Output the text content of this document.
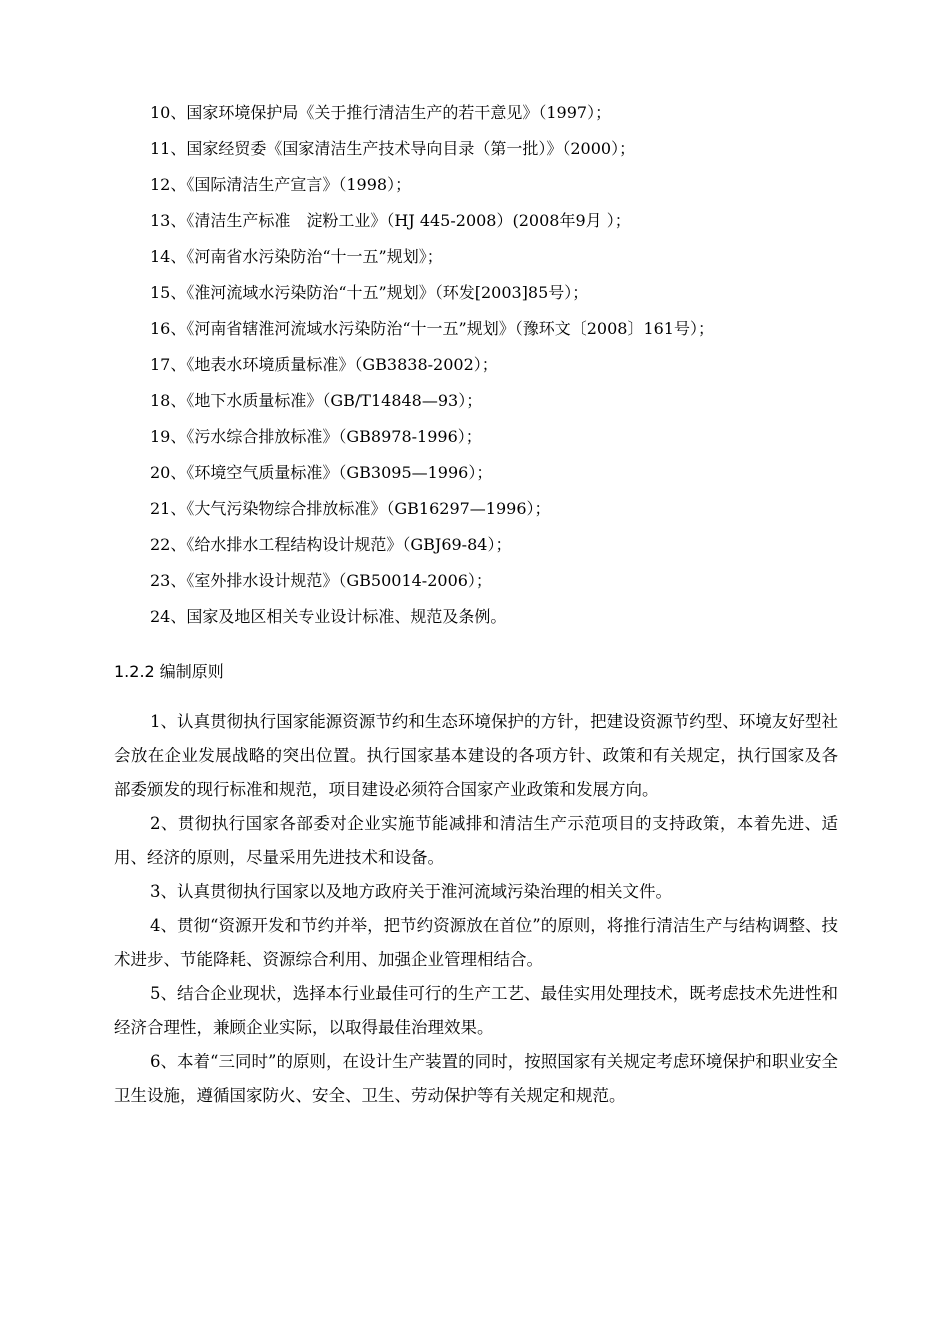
10、国家环境保护局《关于推行清洁生产的若干意见》（1997）；
11、国家经贸委《国家清洁生产技术导向目录（第一批）》（2000）；
12、《国际清洁生产宣言》（1998）；
13、《清洁生产标准　淀粉工业》（HJ 445-2008）(2008年9月 ）；
14、《河南省水污染防治“十一五”规划》；
15、《淮河流域水污染防治“十五”规划》（环发[2003]85号）；
16、《河南省辖淮河流域水污染防治“十一五”规划》（豫环文〔2008〕161号）；
17、《地表水环境质量标准》（GB3838-2002）；
18、《地下水质量标准》（GB/T14848—93）；
19、《污水综合排放标准》（GB8978-1996）；
20、《环境空气质量标准》（GB3095—1996）；
21、《大气污染物综合排放标准》（GB16297—1996）；
22、《给水排水工程结构设计规范》（GBJ69-84）；
23、《室外排水设计规范》（GB50014-2006）；
24、国家及地区相关专业设计标准、规范及条例。
1.2.2 编制原则

1、认真贯彻执行国家能源资源节约和生态环境保护的方针，把建设资源节约型、环境友好型社会放在企业发展战略的突出位置。执行国家基本建设的各项方针、政策和有关规定，执行国家及各部委颁发的现行标准和规范，项目建设必须符合国家产业政策和发展方向。

2、贯彻执行国家各部委对企业实施节能减排和清洁生产示范项目的支持政策，本着先进、适用、经济的原则，尽量采用先进技术和设备。

3、认真贯彻执行国家以及地方政府关于淮河流域污染治理的相关文件。

4、贯彻“资源开发和节约并举，把节约资源放在首位”的原则，将推行清洁生产与结构调整、技术进步、节能降耗、资源综合利用、加强企业管理相结合。

5、结合企业现状，选择本行业最佳可行的生产工艺、最佳实用处理技术，既考虑技术先进性和经济合理性，兼顾企业实际，以取得最佳治理效果。

6、本着“三同时”的原则，在设计生产装置的同时，按照国家有关规定考虑环境保护和职业安全卫生设施，遵循国家防火、安全、卫生、劳动保护等有关规定和规范。
